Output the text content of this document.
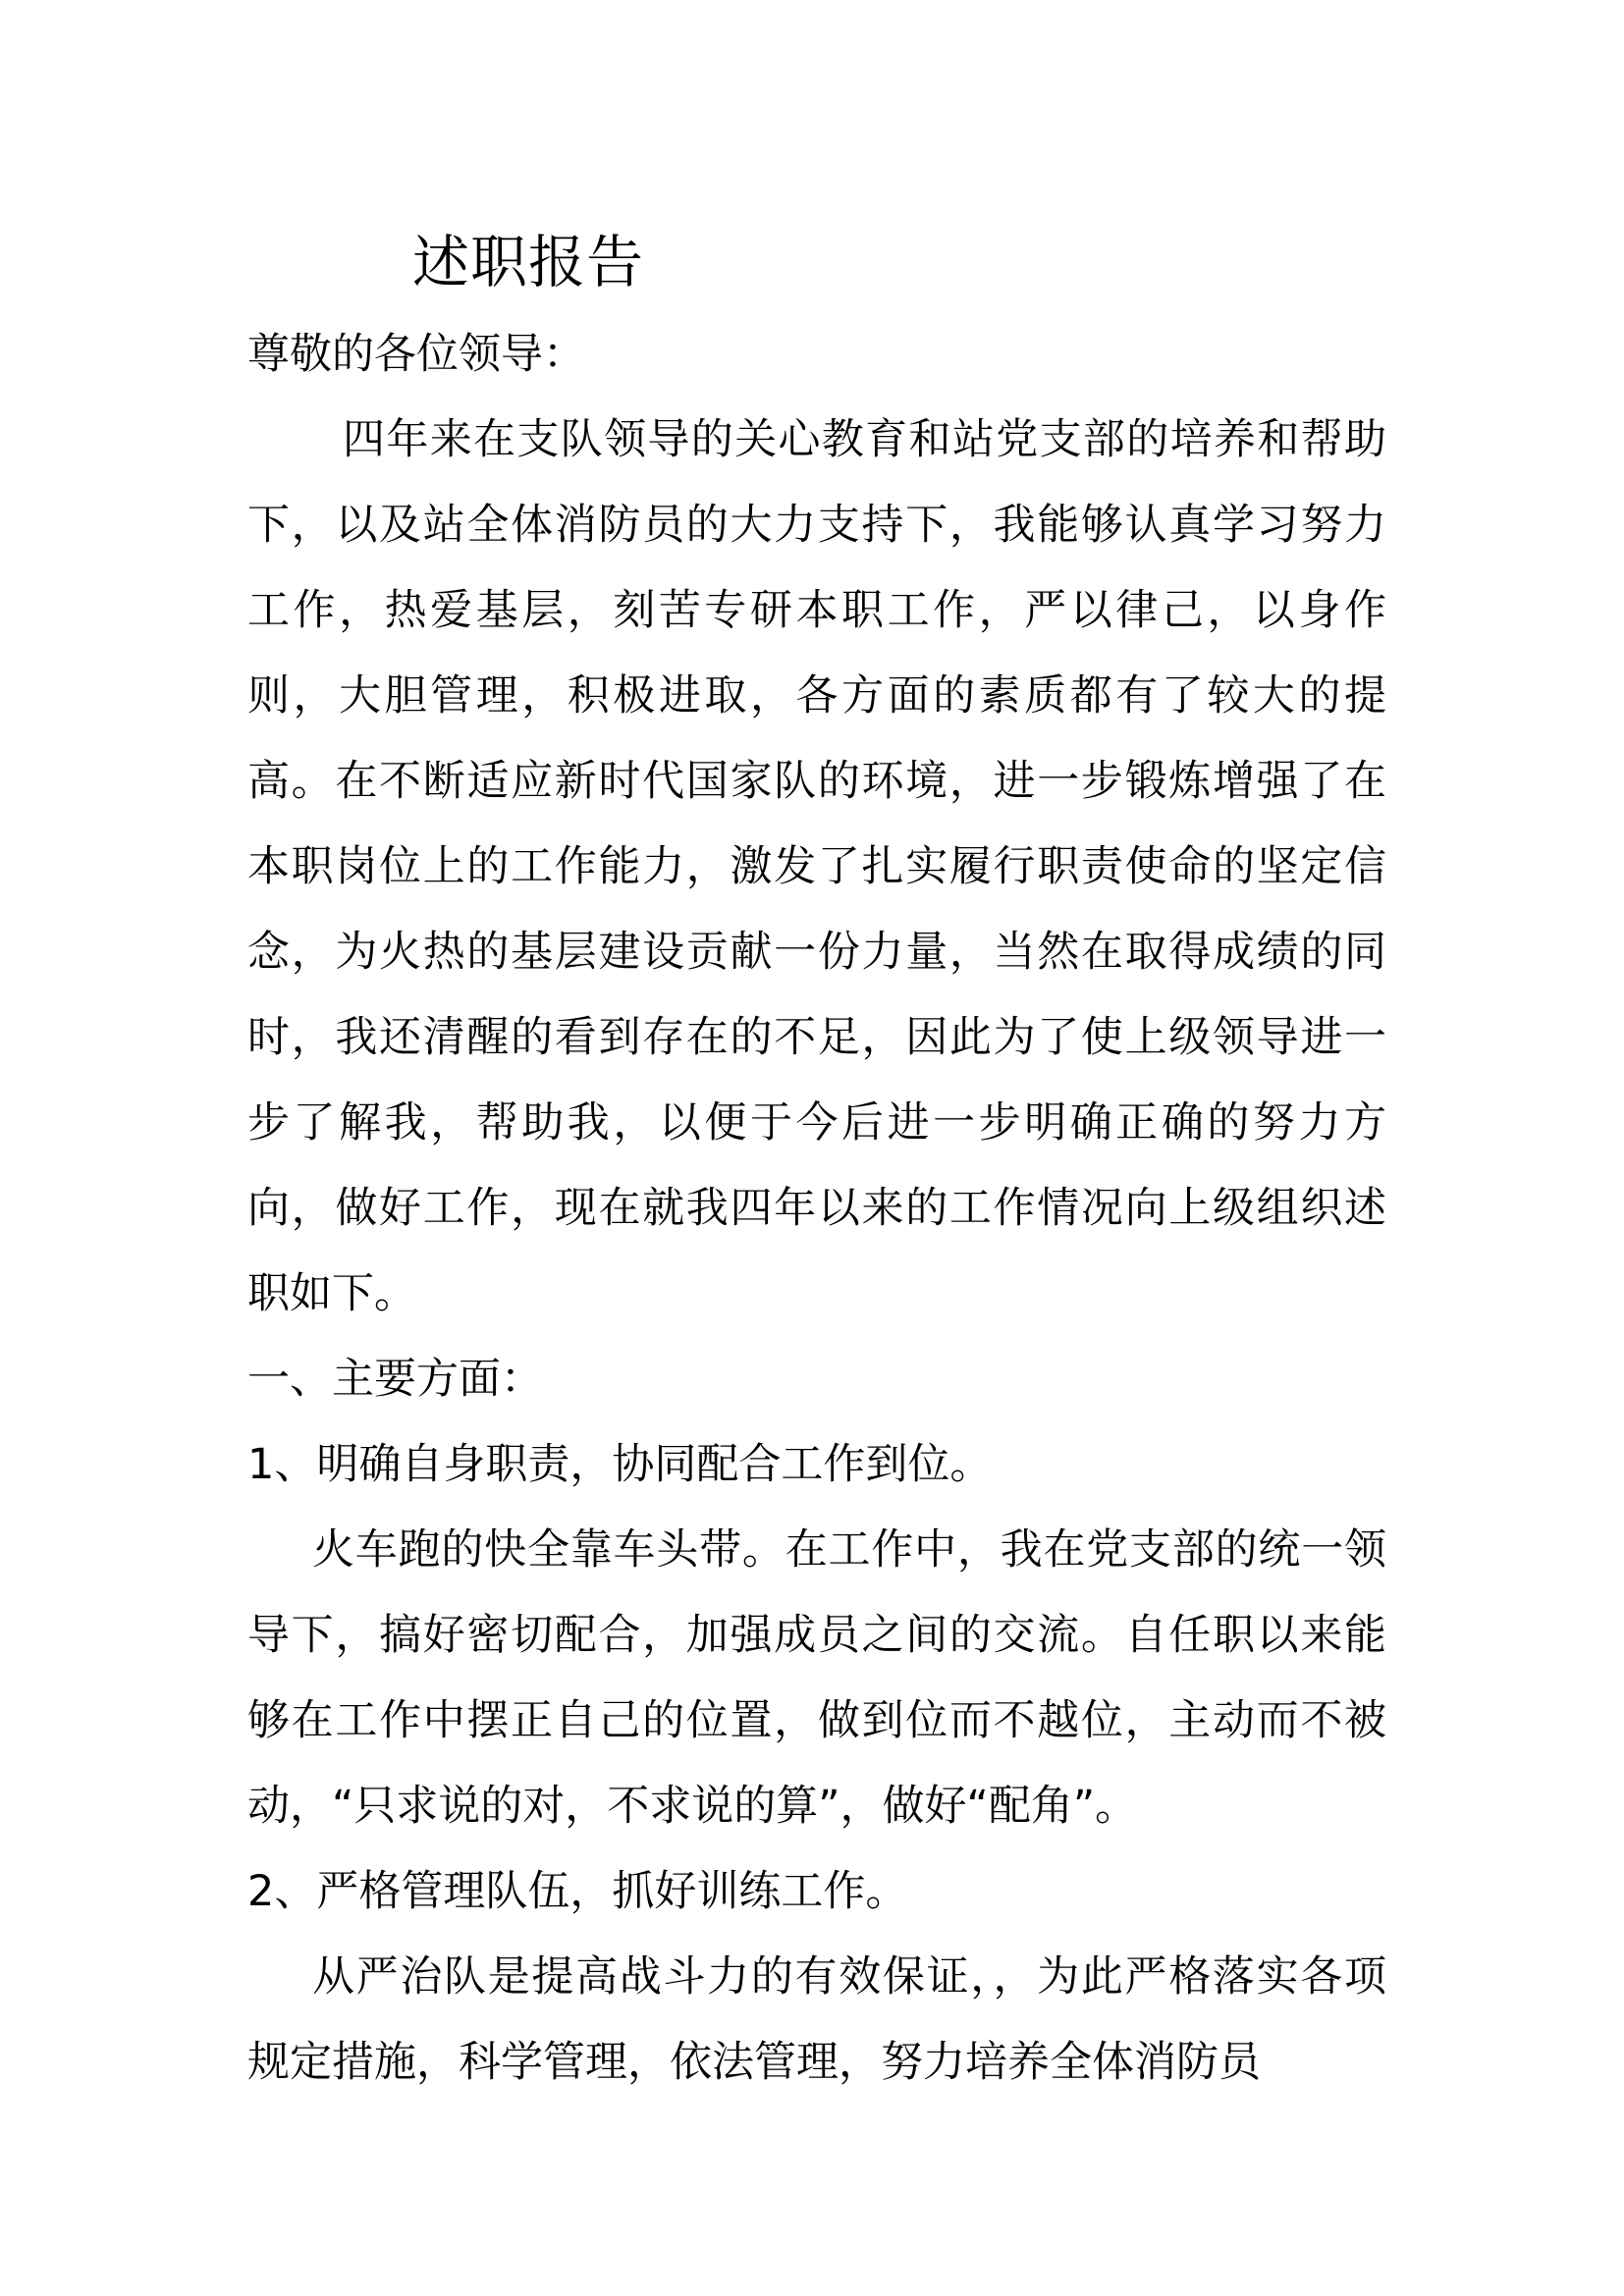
述职报告

尊敬的各位领导：

四年来在支队领导的关心教育和站党支部的培养和帮助下，以及站全体消防员的大力支持下，我能够认真学习努力工作，热爱基层，刻苦专研本职工作，严以律己，以身作则，大胆管理，积极进取，各方面的素质都有了较大的提高。在不断适应新时代国家队的环境，进一步锻炼增强了在本职岗位上的工作能力，激发了扎实履行职责使命的坚定信念，为火热的基层建设贡献一份力量，当然在取得成绩的同时，我还清醒的看到存在的不足，因此为了使上级领导进一步了解我，帮助我，以便于今后进一步明确正确的努力方向，做好工作，现在就我四年以来的工作情况向上级组织述职如下。

一、主要方面：

1、明确自身职责，协同配合工作到位。

火车跑的快全靠车头带。在工作中，我在党支部的统一领导下，搞好密切配合，加强成员之间的交流。自任职以来能够在工作中摆正自己的位置，做到位而不越位，主动而不被动，“只求说的对，不求说的算”，做好“配角”。

2、严格管理队伍，抓好训练工作。

从严治队是提高战斗力的有效保证，，为此严格落实各项规定措施，科学管理，依法管理，努力培养全体消防员
